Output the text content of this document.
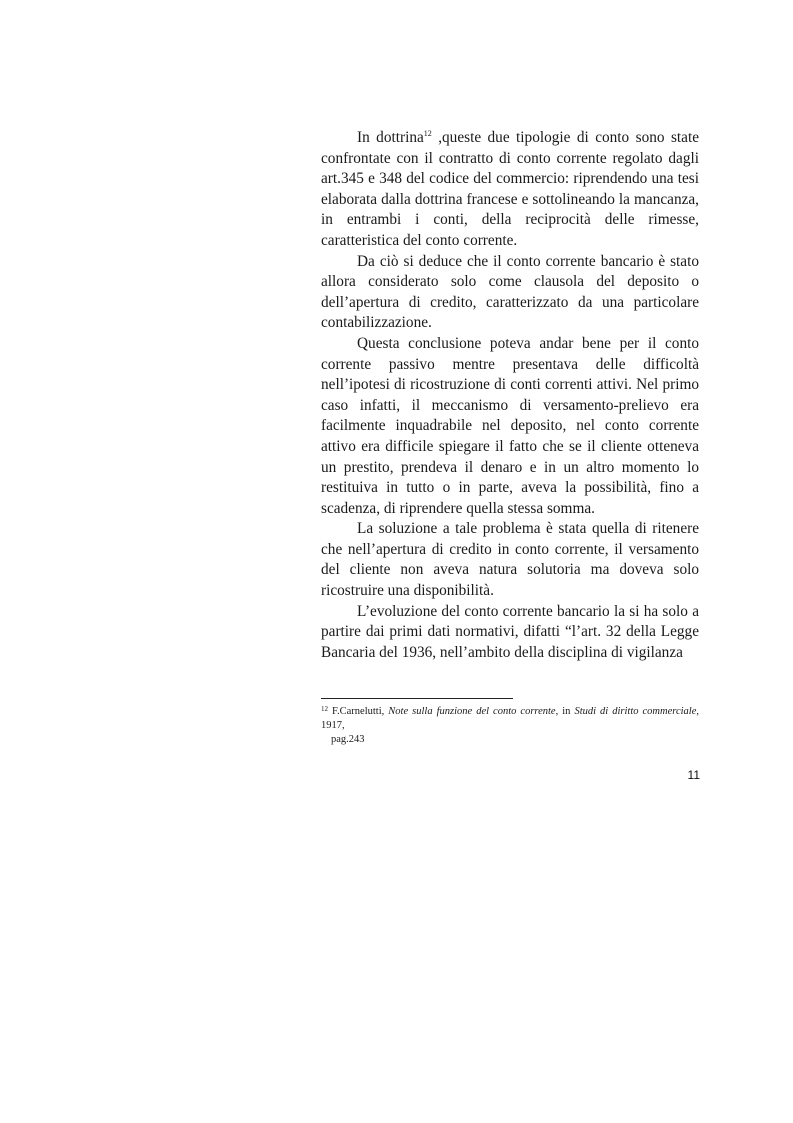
In dottrina$^{12}$ ,queste due tipologie di conto sono state confrontate con il contratto di conto corrente regolato dagli art.345 e 348 del codice del commercio: riprendendo una tesi elaborata dalla dottrina francese e sottolineando la mancanza, in entrambi i conti, della reciprocità delle rimesse, caratteristica del conto corrente.

Da ciò si deduce che il conto corrente bancario è stato allora considerato solo come clausola del deposito o dell’apertura di credito, caratterizzato da una particolare contabilizzazione.

Questa conclusione poteva andar bene per il conto corrente passivo mentre presentava delle difficoltà nell’ipotesi di ricostruzione di conti correnti attivi. Nel primo caso infatti, il meccanismo di versamento-prelievo era facilmente inquadrabile nel deposito, nel conto corrente attivo era difficile spiegare il fatto che se il cliente otteneva un prestito, prendeva il denaro e in un altro momento lo restituiva in tutto o in parte, aveva la possibilità, fino a scadenza, di riprendere quella stessa somma.

La soluzione a tale problema è stata quella di ritenere che nell’apertura di credito in conto corrente, il versamento del cliente non aveva natura solutoria ma doveva solo ricostruire una disponibilità.

L’evoluzione del conto corrente bancario la si ha solo a partire dai primi dati normativi, difatti “l’art. 32 della Legge Bancaria del 1936, nell’ambito della disciplina di vigilanza

$^{12}$ F.Carnelutti, Note sulla funzione del conto corrente, in Studi di diritto commerciale, 1917,
pag.243
11
